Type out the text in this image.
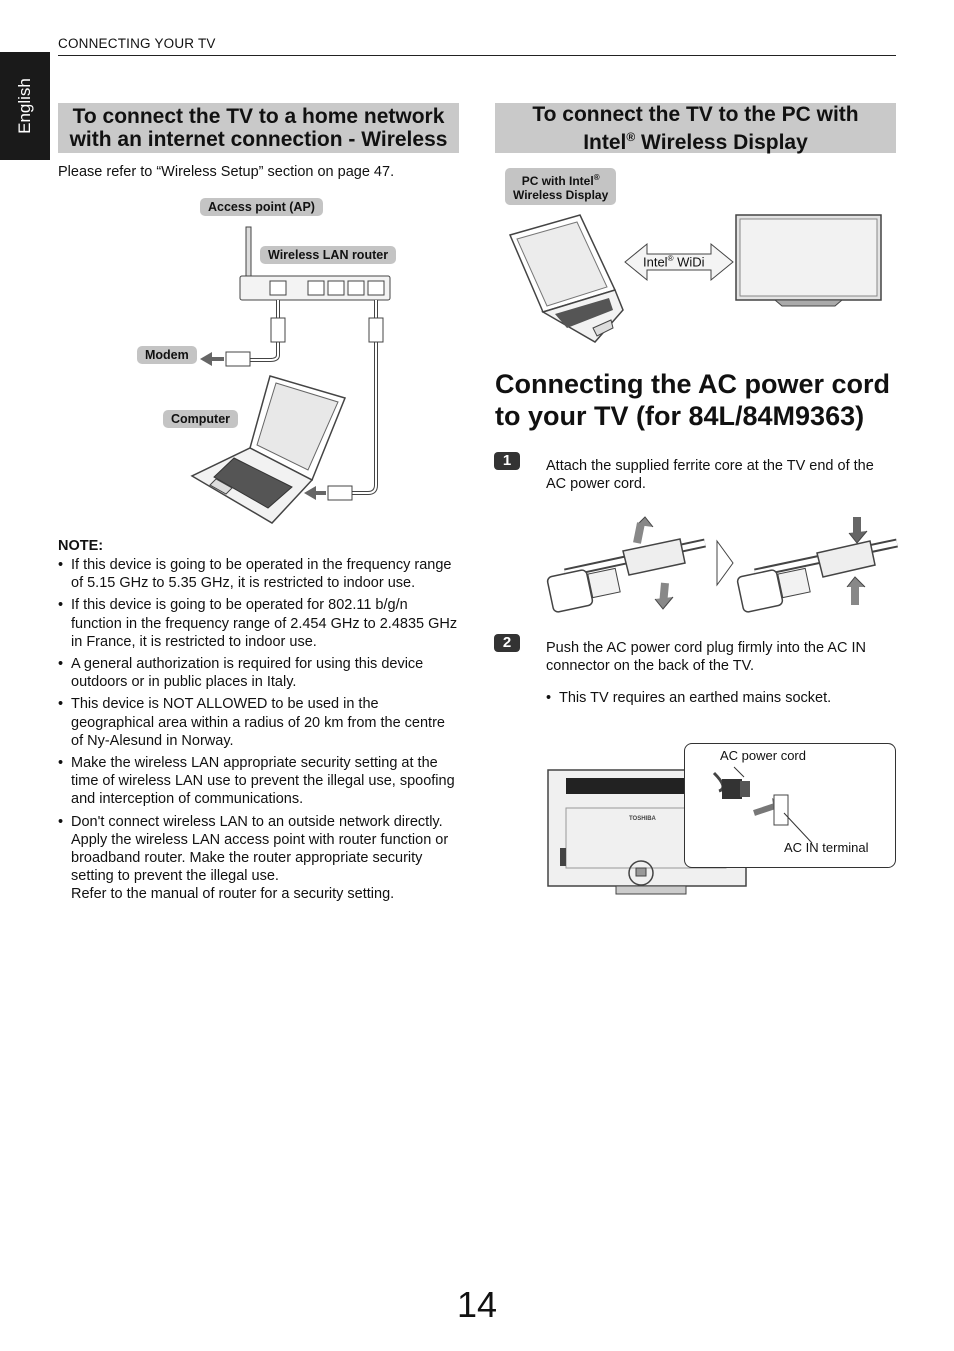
English
CONNECTING YOUR TV
To connect the TV to a home network
with an internet connection - Wireless
Please refer to “Wireless Setup” section on page 47.
Access point (AP)
Wireless LAN router
Modem
Computer
NOTE:
• If this device is going to be operated in the frequency range of 5.15 GHz to 5.35 GHz, it is restricted to indoor use.
• If this device is going to be operated for 802.11 b/g/n function in the frequency range of 2.454 GHz to 2.4835 GHz in France, it is restricted to indoor use.
• A general authorization is required for using this device outdoors or in public places in Italy.
• This device is NOT ALLOWED to be used in the geographical area within a radius of 20 km from the centre of Ny-Alesund in Norway.
• Make the wireless LAN appropriate security setting at the time of wireless LAN use to prevent the illegal use, spoofing and interception of communications.
• Don't connect wireless LAN to an outside network directly.
Apply the wireless LAN access point with router function or broadband router. Make the router appropriate security setting to prevent the illegal use.
Refer to the manual of router for a security setting.
To connect the TV to the PC with
Intel® Wireless Display
PC with Intel®
Wireless Display
Intel® WiDi
Connecting the AC power cord
to your TV (for 84L/84M9363)
1	Attach the supplied ferrite core at the TV end of the AC power cord.
2	Push the AC power cord plug firmly into the AC IN connector on the back of the TV.
• This TV requires an earthed mains socket.
TOSHIBA
AC power cord
AC IN terminal
14
